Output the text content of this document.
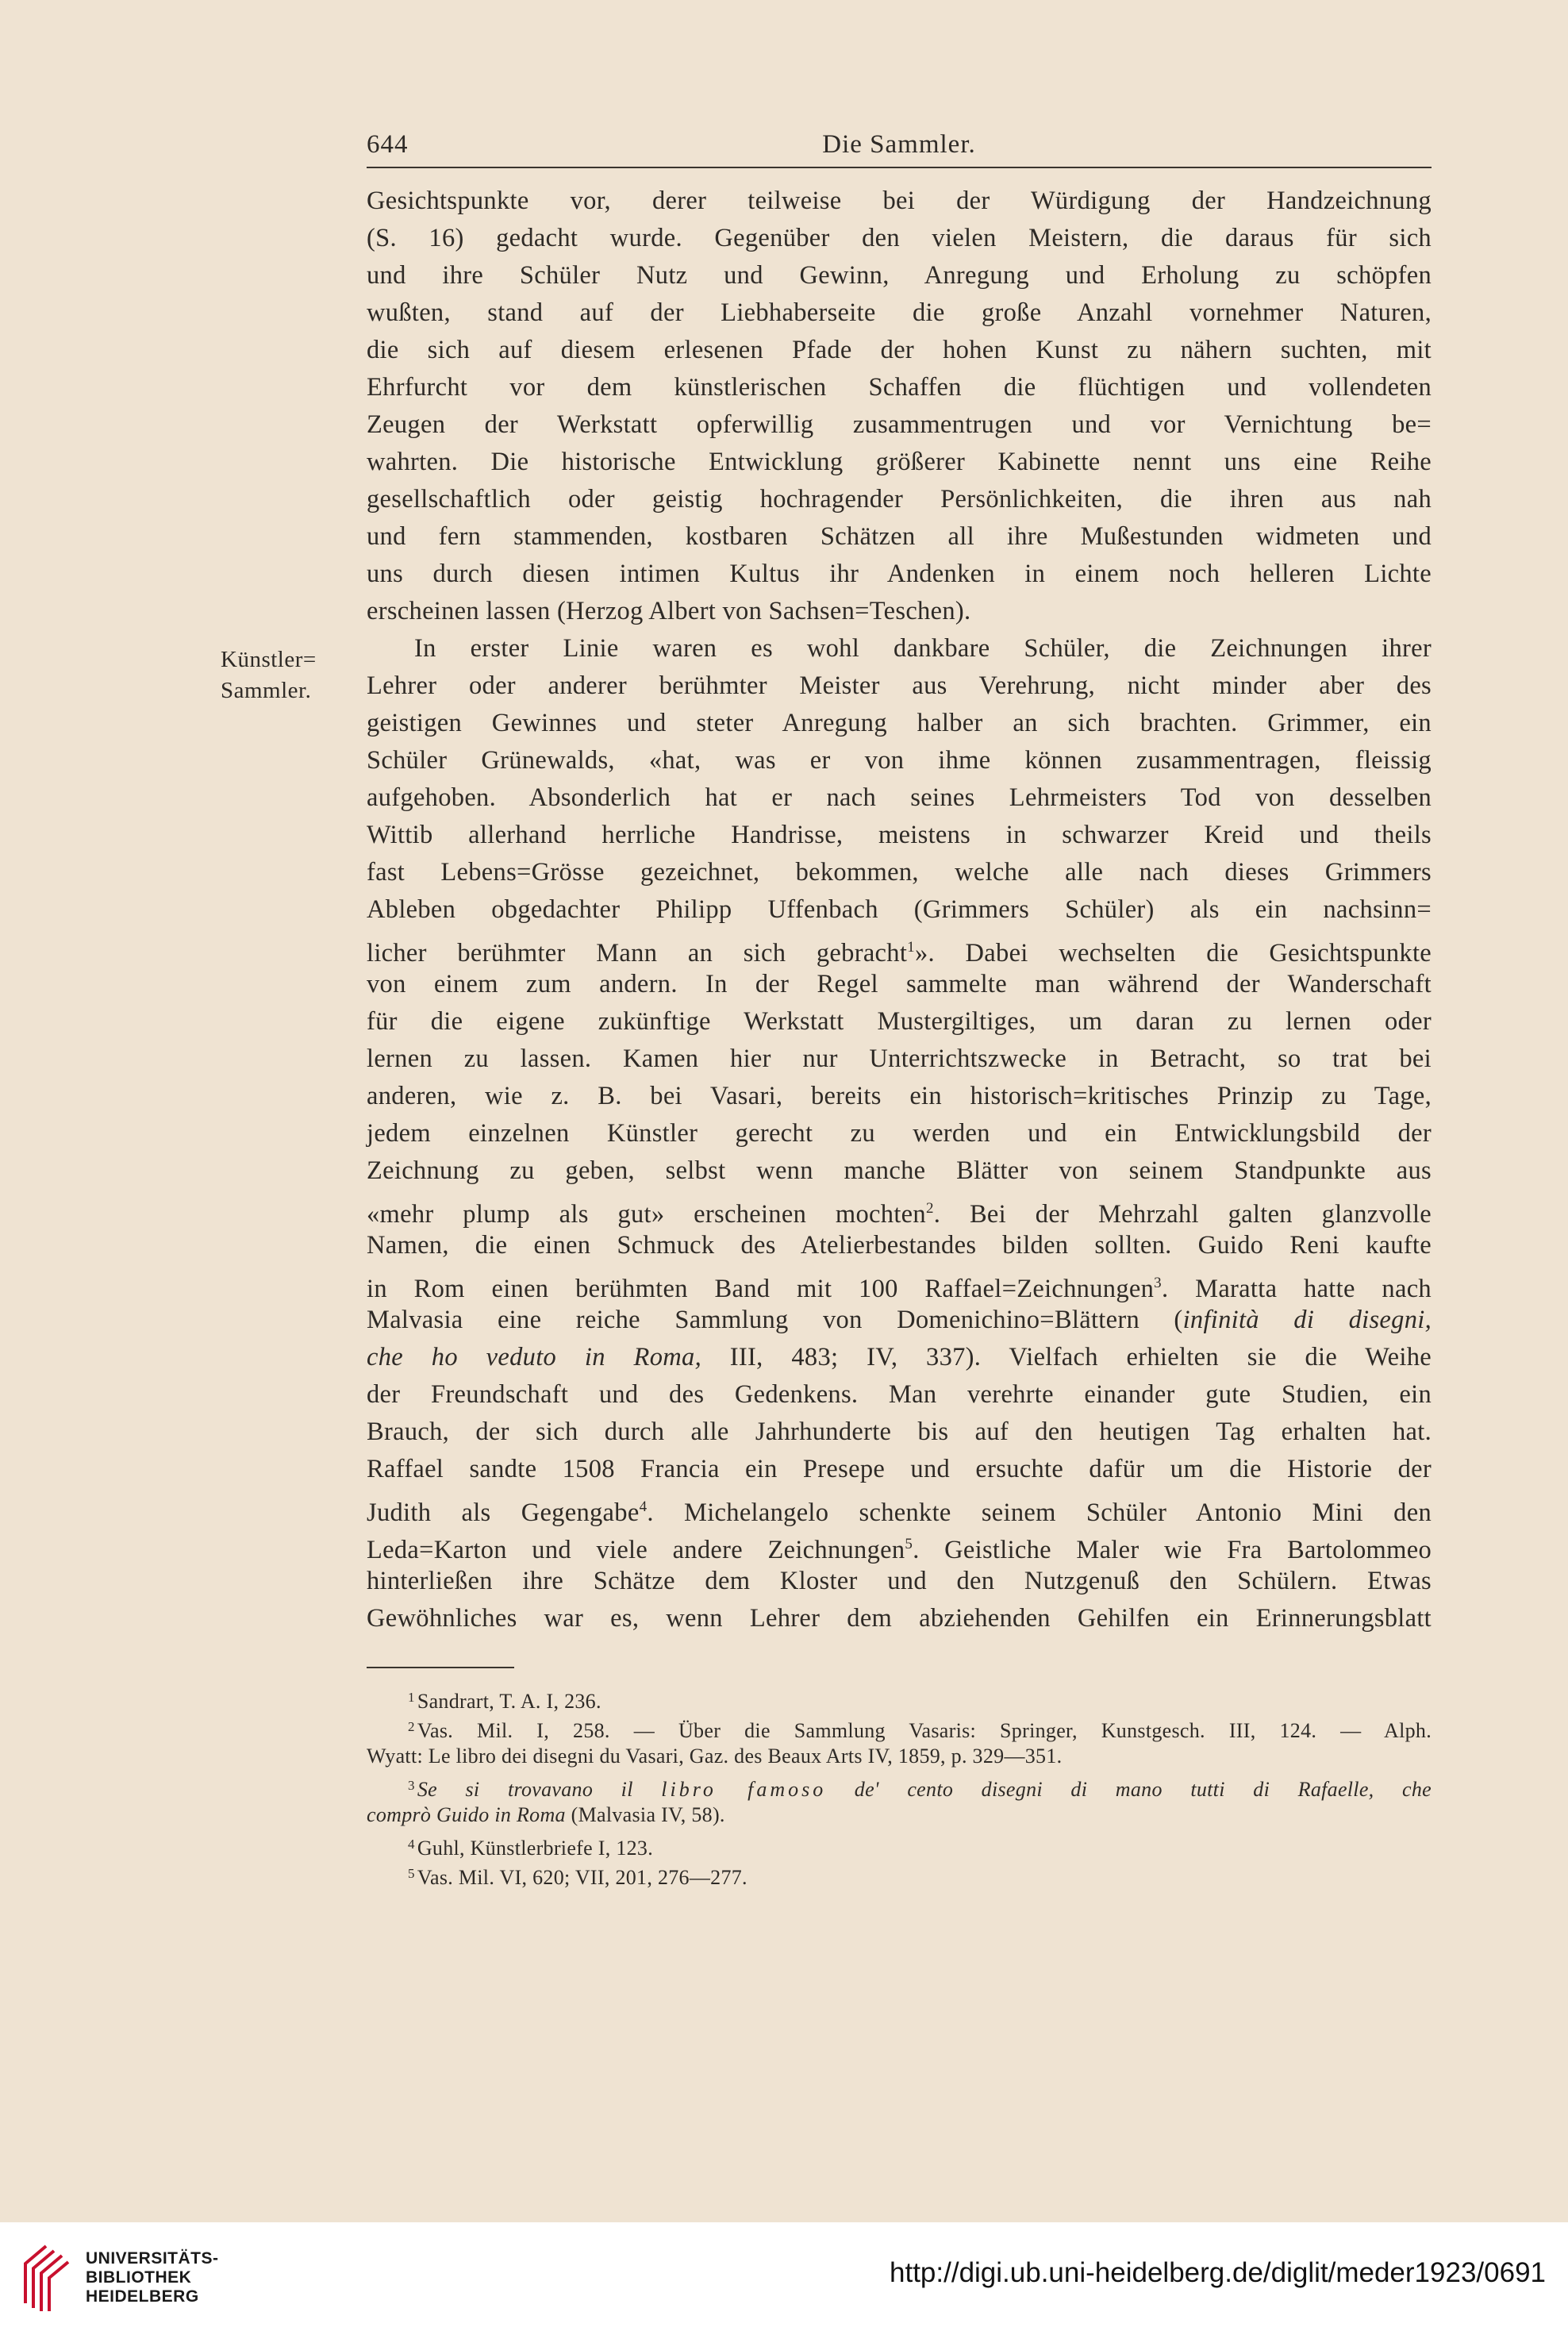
644	Die Sammler.
Künstler=
Sammler.
Gesichtspunkte vor, derer teilweise bei der Würdigung der Handzeichnung
(S. 16) gedacht wurde. Gegenüber den vielen Meistern, die daraus für sich
und ihre Schüler Nutz und Gewinn, Anregung und Erholung zu schöpfen
wußten, stand auf der Liebhaberseite die große Anzahl vornehmer Naturen,
die sich auf diesem erlesenen Pfade der hohen Kunst zu nähern suchten, mit
Ehrfurcht vor dem künstlerischen Schaffen die flüchtigen und vollendeten
Zeugen der Werkstatt opferwillig zusammentrugen und vor Vernichtung be=
wahrten. Die historische Entwicklung größerer Kabinette nennt uns eine Reihe
gesellschaftlich oder geistig hochragender Persönlichkeiten, die ihren aus nah
und fern stammenden, kostbaren Schätzen all ihre Mußestunden widmeten und
uns durch diesen intimen Kultus ihr Andenken in einem noch helleren Lichte
erscheinen lassen (Herzog Albert von Sachsen=Teschen).
In erster Linie waren es wohl dankbare Schüler, die Zeichnungen ihrer
Lehrer oder anderer berühmter Meister aus Verehrung, nicht minder aber des
geistigen Gewinnes und steter Anregung halber an sich brachten. Grimmer, ein
Schüler Grünewalds, «hat, was er von ihme können zusammentragen, fleissig
aufgehoben. Absonderlich hat er nach seines Lehrmeisters Tod von desselben
Wittib allerhand herrliche Handrisse, meistens in schwarzer Kreid und theils
fast Lebens=Grösse gezeichnet, bekommen, welche alle nach dieses Grimmers
Ableben obgedachter Philipp Uffenbach (Grimmers Schüler) als ein nachsinn=
licher berühmter Mann an sich gebracht$^1$». Dabei wechselten die Gesichtspunkte
von einem zum andern. In der Regel sammelte man während der Wanderschaft
für die eigene zukünftige Werkstatt Mustergiltiges, um daran zu lernen oder
lernen zu lassen. Kamen hier nur Unterrichtszwecke in Betracht, so trat bei
anderen, wie z. B. bei Vasari, bereits ein historisch=kritisches Prinzip zu Tage,
jedem einzelnen Künstler gerecht zu werden und ein Entwicklungsbild der
Zeichnung zu geben, selbst wenn manche Blätter von seinem Standpunkte aus
«mehr plump als gut» erscheinen mochten$^2$. Bei der Mehrzahl galten glanzvolle
Namen, die einen Schmuck des Atelierbestandes bilden sollten. Guido Reni kaufte
in Rom einen berühmten Band mit 100 Raffael=Zeichnungen$^3$. Maratta hatte nach
Malvasia eine reiche Sammlung von Domenichino=Blättern (infinità di disegni,
che ho veduto in Roma, III, 483; IV, 337). Vielfach erhielten sie die Weihe
der Freundschaft und des Gedenkens. Man verehrte einander gute Studien, ein
Brauch, der sich durch alle Jahrhunderte bis auf den heutigen Tag erhalten hat.
Raffael sandte 1508 Francia ein Presepe und ersuchte dafür um die Historie der
Judith als Gegengabe$^4$. Michelangelo schenkte seinem Schüler Antonio Mini den
Leda=Karton und viele andere Zeichnungen$^5$. Geistliche Maler wie Fra Bartolommeo
hinterließen ihre Schätze dem Kloster und den Nutzgenuß den Schülern. Etwas
Gewöhnliches war es, wenn Lehrer dem abziehenden Gehilfen ein Erinnerungsblatt
$^1$ Sandrart, T. A. I, 236.
$^2$ Vas. Mil. I, 258. — Über die Sammlung Vasaris: Springer, Kunstgesch. III, 124. — Alph.
Wyatt: Le libro dei disegni du Vasari, Gaz. des Beaux Arts IV, 1859, p. 329—351.
$^3$ Se si trovavano il libro famoso de' cento disegni di mano tutti di Rafaelle, che
comprò Guido in Roma (Malvasia IV, 58).
$^4$ Guhl, Künstlerbriefe I, 123.
$^5$ Vas. Mil. VI, 620; VII, 201, 276—277.
UNIVERSITÄTS-
BIBLIOTHEK
HEIDELBERG
http://digi.ub.uni-heidelberg.de/diglit/meder1923/0691
